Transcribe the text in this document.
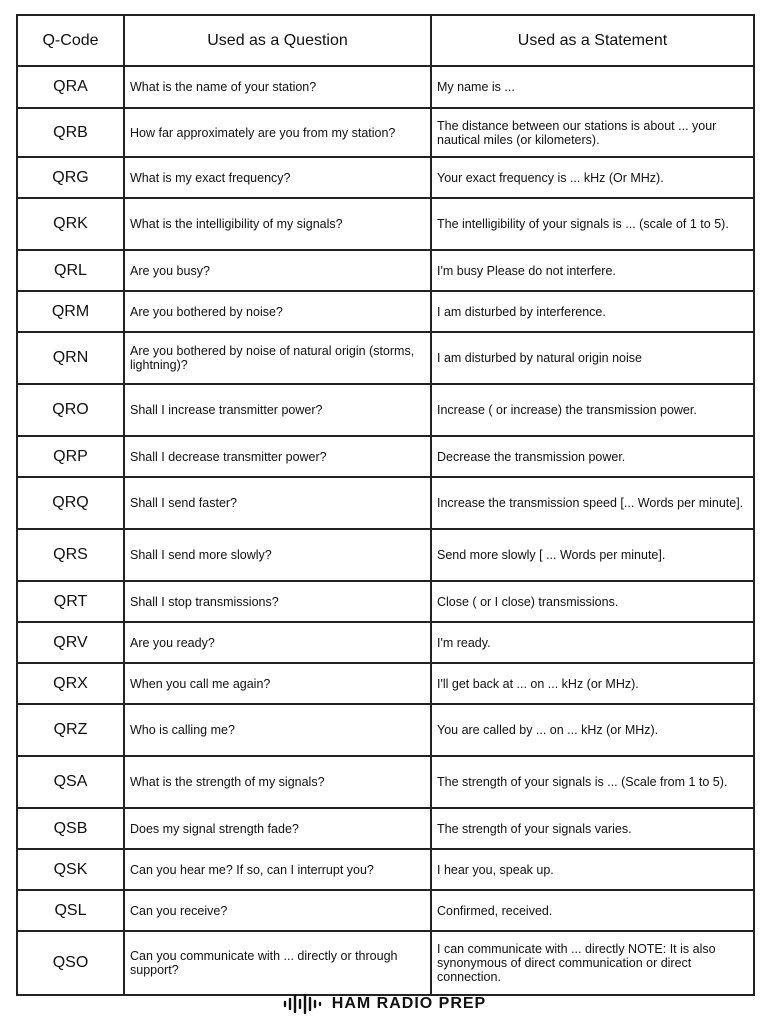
Q-Code	Used as a Question	Used as a Statement
QRA	What is the name of your station?	My name is ...
QRB	How far approximately are you from my station?	The distance between our stations is about ... your nautical miles (or kilometers).
QRG	What is my exact frequency?	Your exact frequency is ... kHz (Or MHz).
QRK	What is the intelligibility of my signals?	The intelligibility of your signals is ... (scale of 1 to 5).
QRL	Are you busy?	I'm busy Please do not interfere.
QRM	Are you bothered by noise?	I am disturbed by interference.
QRN	Are you bothered by noise of natural origin (storms, lightning)?	I am disturbed by natural origin noise
QRO	Shall I increase transmitter power?	Increase ( or increase) the transmission power.
QRP	Shall I decrease transmitter power?	Decrease the transmission power.
QRQ	Shall I send faster?	Increase the transmission speed [... Words per minute].
QRS	Shall I send more slowly?	Send more slowly [ ... Words per minute].
QRT	Shall I stop transmissions?	Close ( or I close) transmissions.
QRV	Are you ready?	I'm ready.
QRX	When you call me again?	I'll get back at ... on ... kHz (or MHz).
QRZ	Who is calling me?	You are called by ... on ... kHz (or MHz).
QSA	What is the strength of my signals?	The strength of your signals is ... (Scale from 1 to 5).
QSB	Does my signal strength fade?	The strength of your signals varies.
QSK	Can you hear me? If so, can I interrupt you?	I hear you, speak up.
QSL	Can you receive?	Confirmed, received.
QSO	Can you communicate with ... directly or through support?	I can communicate with ... directly NOTE: It is also synonymous of direct communication or direct connection.
HAM RADIO PREP
